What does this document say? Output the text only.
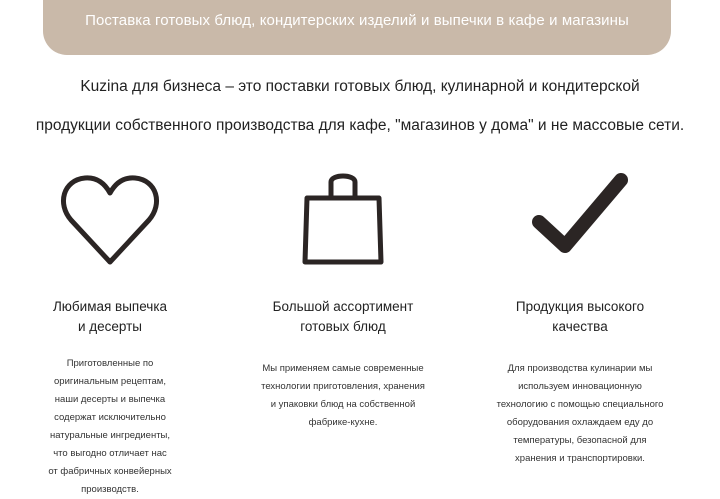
Поставка готовых блюд, кондитерских изделий и выпечки в кафе и магазины
Kuzina для бизнеса – это поставки готовых блюд, кулинарной и кондитерской
продукции собственного производства для кафе, "магазинов у дома" и не массовые сети.
Любимая выпечка
и десерты
Приготовленные по
оригинальным рецептам,
наши десерты и выпечка
содержат исключительно
натуральные ингредиенты,
что выгодно отличает нас
от фабричных конвейерных
производств.
Большой ассортимент
готовых блюд
Мы применяем самые современные
технологии приготовления, хранения
и упаковки блюд на собственной
фабрике-кухне.
Продукция высокого
качества
Для производства кулинарии мы
используем инновационную
технологию с помощью специального
оборудования охлаждаем еду до
температуры, безопасной для
хранения и транспортировки.
